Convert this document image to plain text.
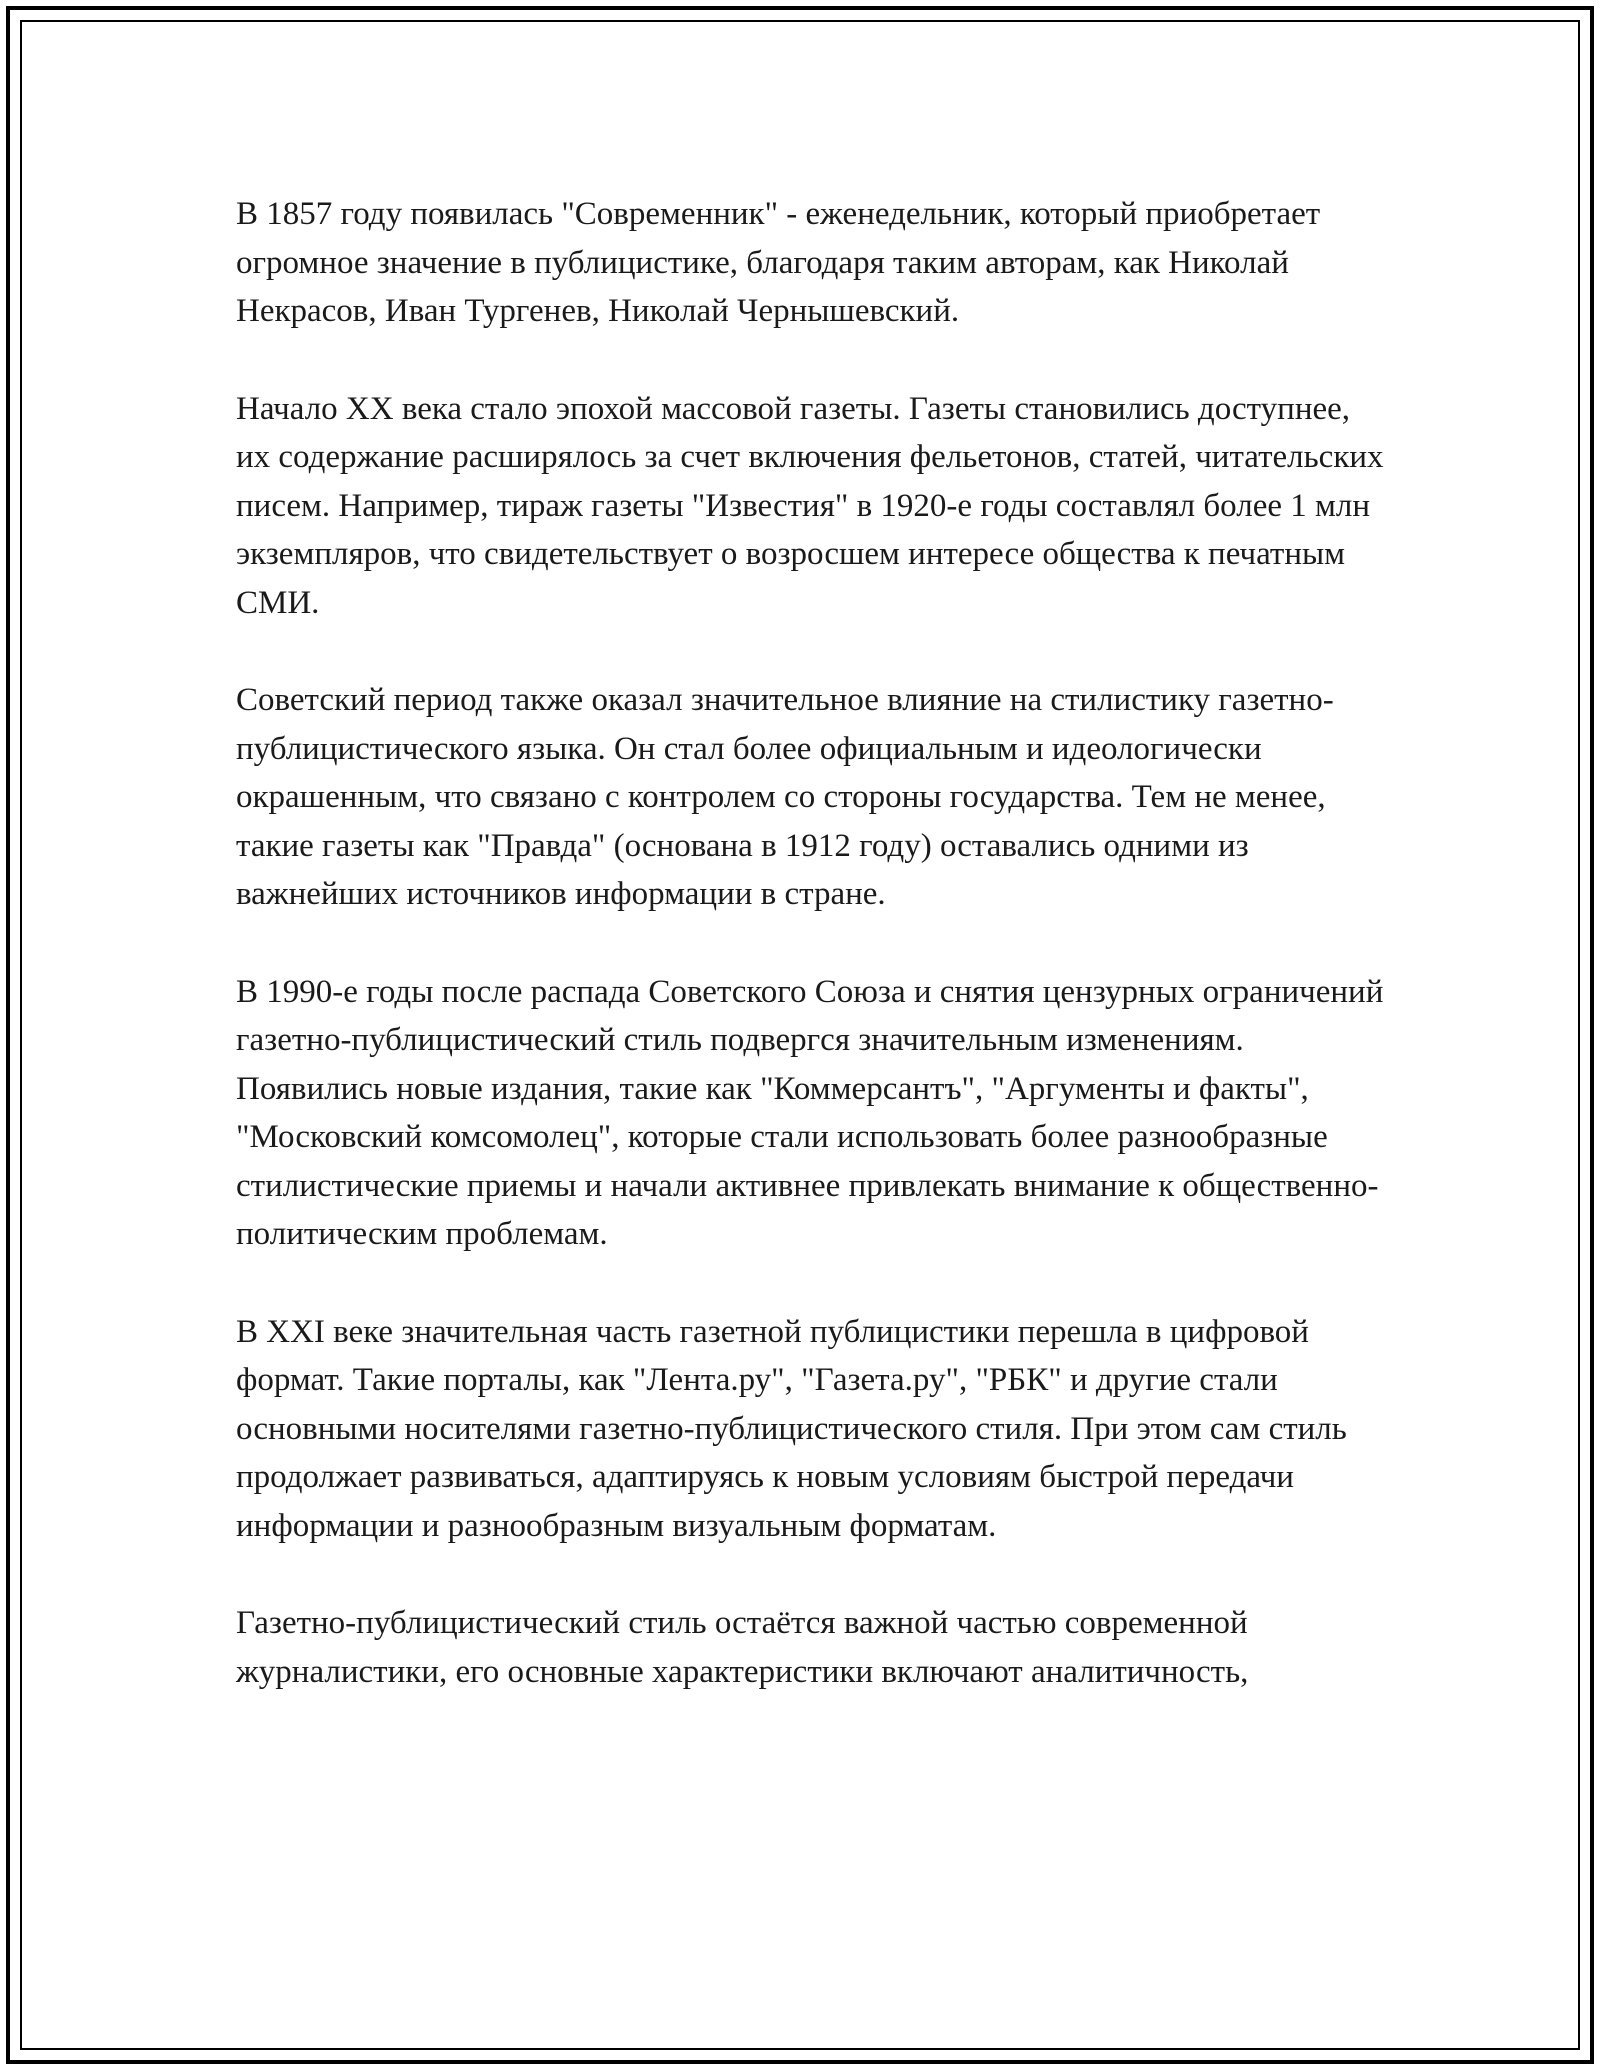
В 1857 году появилась "Современник" - еженедельник, который приобретает огромное значение в публицистике, благодаря таким авторам, как Николай Некрасов, Иван Тургенев, Николай Чернышевский.

Начало XX века стало эпохой массовой газеты. Газеты становились доступнее, их содержание расширялось за счет включения фельетонов, статей, читательских писем. Например, тираж газеты "Известия" в 1920-е годы составлял более 1 млн экземпляров, что свидетельствует о возросшем интересе общества к печатным СМИ.

Советский период также оказал значительное влияние на стилистику газетно-публицистического языка. Он стал более официальным и идеологически окрашенным, что связано с контролем со стороны государства. Тем не менее, такие газеты как "Правда" (основана в 1912 году) оставались одними из важнейших источников информации в стране.

В 1990-е годы после распада Советского Союза и снятия цензурных ограничений газетно-публицистический стиль подвергся значительным изменениям. Появились новые издания, такие как "Коммерсантъ", "Аргументы и факты", "Московский комсомолец", которые стали использовать более разнообразные стилистические приемы и начали активнее привлекать внимание к общественно-политическим проблемам.

В XXI веке значительная часть газетной публицистики перешла в цифровой формат. Такие порталы, как "Лента.ру", "Газета.ру", "РБК" и другие стали основными носителями газетно-публицистического стиля. При этом сам стиль продолжает развиваться, адаптируясь к новым условиям быстрой передачи информации и разнообразным визуальным форматам.

Газетно-публицистический стиль остаётся важной частью современной журналистики, его основные характеристики включают аналитичность,
